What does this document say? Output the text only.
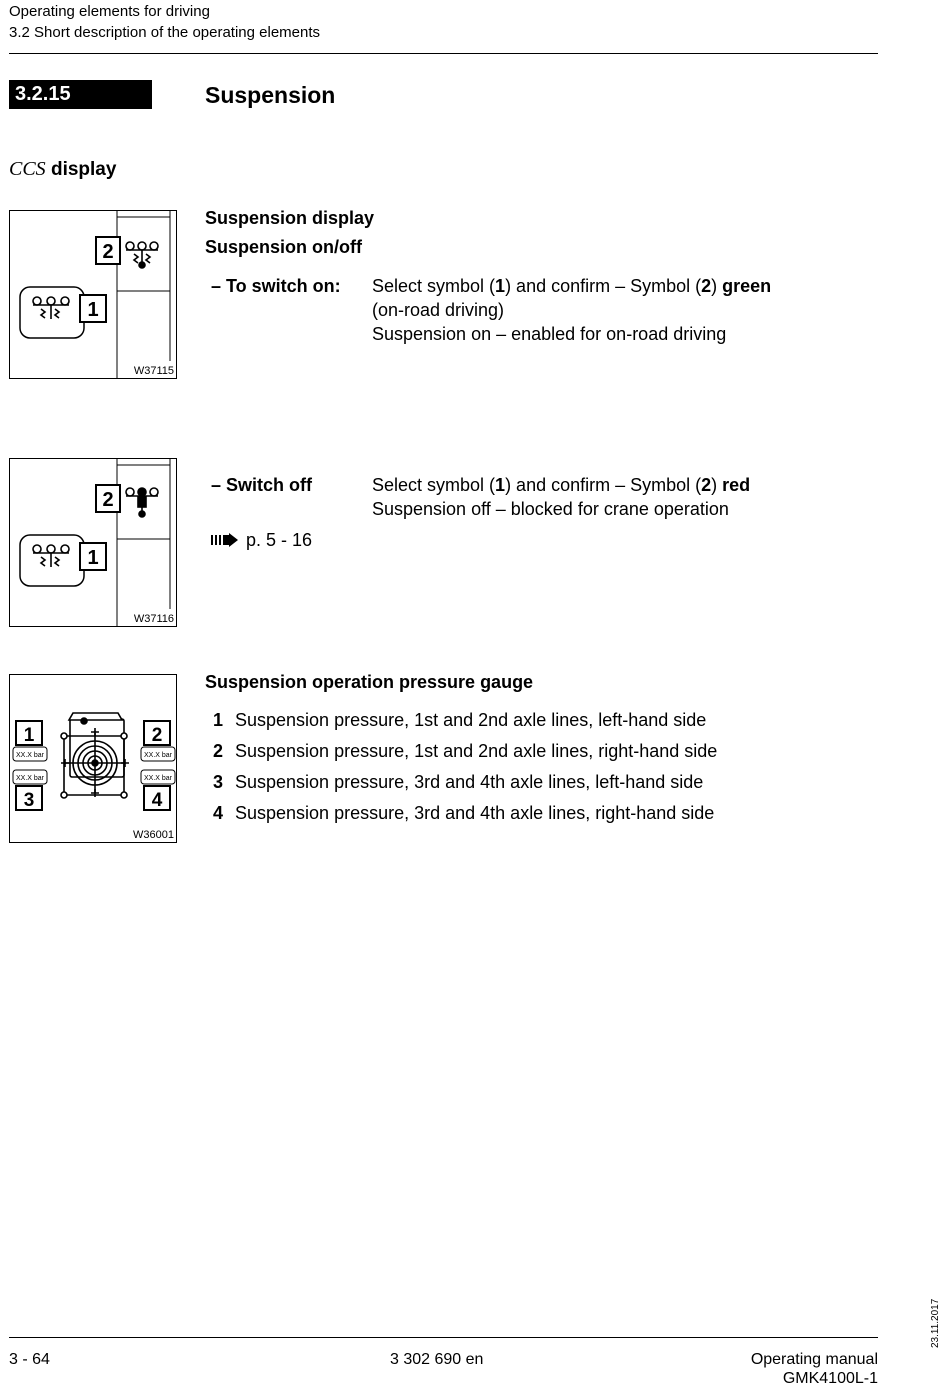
Operating elements for driving
3.2 Short description of the operating elements
3.2.15	Suspension
CCS display
2
1
W37115
Suspension display
Suspension on/off
– To switch on: Select symbol (1) and confirm – Symbol (2) green
(on-road driving)
Suspension on – enabled for on-road driving
2
1
W37116
– Switch off	Select symbol (1) and confirm – Symbol (2) red
Suspension off – blocked for crane operation
p. 5 - 16
1
XX.X bar
2
XX.X bar
XX.X bar
3
XX.X bar
4
W36001
Suspension operation pressure gauge
1 Suspension pressure, 1st and 2nd axle lines, left-hand side
2 Suspension pressure, 1st and 2nd axle lines, right-hand side
3 Suspension pressure, 3rd and 4th axle lines, left-hand side
4 Suspension pressure, 3rd and 4th axle lines, right-hand side
23.11.2017
3 - 64	3 302 690 en	Operating manual
GMK4100L-1
